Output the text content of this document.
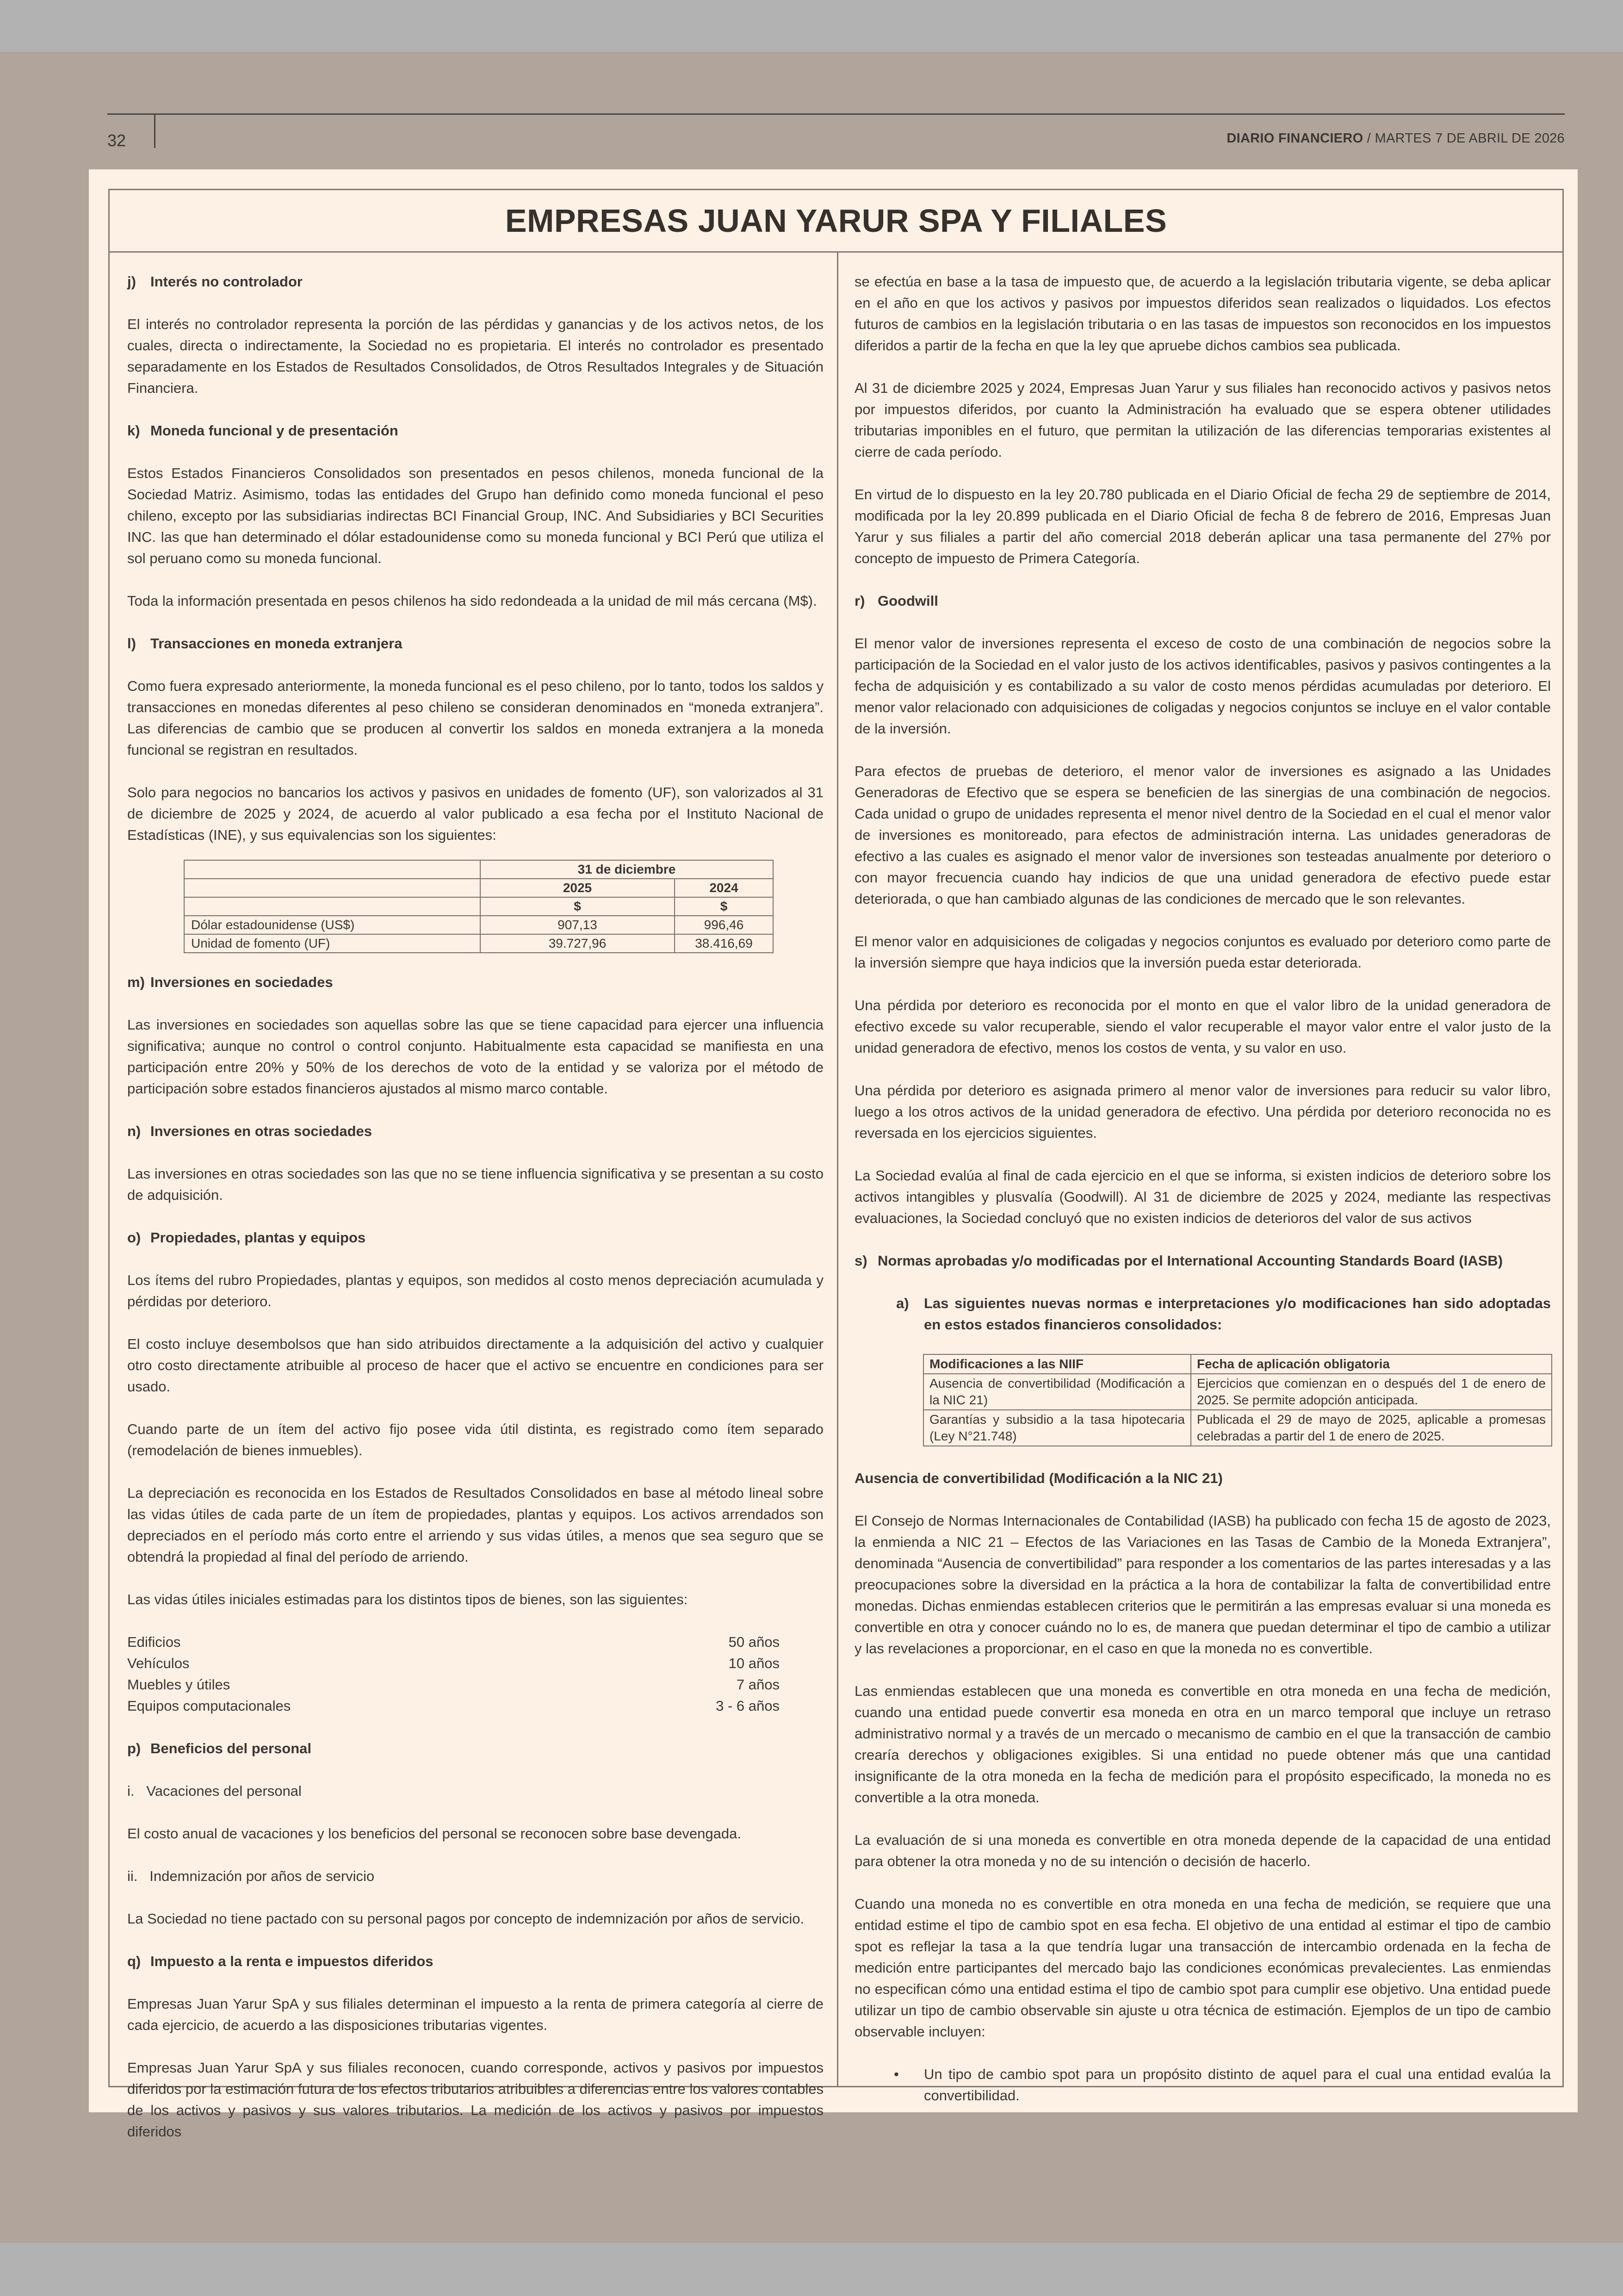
32	DIARIO FINANCIERO / MARTES 7 DE ABRIL DE 2026
EMPRESAS JUAN YARUR SPA Y FILIALES
j) Interés no controlador

El interés no controlador representa la porción de las pérdidas y ganancias y de los activos netos, de los cuales, directa o indirectamente, la Sociedad no es propietaria. El interés no controlador es presentado separadamente en los Estados de Resultados Consolidados, de Otros Resultados Integrales y de Situación Financiera.

k) Moneda funcional y de presentación

Estos Estados Financieros Consolidados son presentados en pesos chilenos, moneda funcional de la Sociedad Matriz. Asimismo, todas las entidades del Grupo han definido como moneda funcional el peso chileno, excepto por las subsidiarias indirectas BCI Financial Group, INC. And Subsidiaries y BCI Securities INC. las que han determinado el dólar estadounidense como su moneda funcional y BCI Perú que utiliza el sol peruano como su moneda funcional.

Toda la información presentada en pesos chilenos ha sido redondeada a la unidad de mil más cercana (M$).

l) Transacciones en moneda extranjera

Como fuera expresado anteriormente, la moneda funcional es el peso chileno, por lo tanto, todos los saldos y transacciones en monedas diferentes al peso chileno se consideran denominados en “moneda extranjera”. Las diferencias de cambio que se producen al convertir los saldos en moneda extranjera a la moneda funcional se registran en resultados.

Solo para negocios no bancarios los activos y pasivos en unidades de fomento (UF), son valorizados al 31 de diciembre de 2025 y 2024, de acuerdo al valor publicado a esa fecha por el Instituto Nacional de Estadísticas (INE), y sus equivalencias son los siguientes:

	31 de diciembre	
	2025	2024
	$	$
Dólar estadounidense (US$)	907,13	996,46
Unidad de fomento (UF)	39.727,96	38.416,69
m) Inversiones en sociedades

Las inversiones en sociedades son aquellas sobre las que se tiene capacidad para ejercer una influencia significativa; aunque no control o control conjunto. Habitualmente esta capacidad se manifiesta en una participación entre 20% y 50% de los derechos de voto de la entidad y se valoriza por el método de participación sobre estados financieros ajustados al mismo marco contable.

n) Inversiones en otras sociedades

Las inversiones en otras sociedades son las que no se tiene influencia significativa y se presentan a su costo de adquisición.

o) Propiedades, plantas y equipos

Los ítems del rubro Propiedades, plantas y equipos, son medidos al costo menos depreciación acumulada y pérdidas por deterioro.

El costo incluye desembolsos que han sido atribuidos directamente a la adquisición del activo y cualquier otro costo directamente atribuible al proceso de hacer que el activo se encuentre en condiciones para ser usado.

Cuando parte de un ítem del activo fijo posee vida útil distinta, es registrado como ítem separado (remodelación de bienes inmuebles).

La depreciación es reconocida en los Estados de Resultados Consolidados en base al método lineal sobre las vidas útiles de cada parte de un ítem de propiedades, plantas y equipos. Los activos arrendados son depreciados en el período más corto entre el arriendo y sus vidas útiles, a menos que sea seguro que se obtendrá la propiedad al final del período de arriendo.

Las vidas útiles iniciales estimadas para los distintos tipos de bienes, son las siguientes:

Edificios	50 años
Vehículos	10 años
Muebles y útiles	7 años
Equipos computacionales	3 - 6 años
p) Beneficios del personal

i.   Vacaciones del personal

El costo anual de vacaciones y los beneficios del personal se reconocen sobre base devengada.

ii.   Indemnización por años de servicio

La Sociedad no tiene pactado con su personal pagos por concepto de indemnización por años de servicio.

q) Impuesto a la renta e impuestos diferidos

Empresas Juan Yarur SpA y sus filiales determinan el impuesto a la renta de primera categoría al cierre de cada ejercicio, de acuerdo a las disposiciones tributarias vigentes.

Empresas Juan Yarur SpA y sus filiales reconocen, cuando corresponde, activos y pasivos por impuestos diferidos por la estimación futura de los efectos tributarios atribuibles a diferencias entre los valores contables de los activos y pasivos y sus valores tributarios. La medición de los activos y pasivos por impuestos diferidos

se efectúa en base a la tasa de impuesto que, de acuerdo a la legislación tributaria vigente, se deba aplicar en el año en que los activos y pasivos por impuestos diferidos sean realizados o liquidados. Los efectos futuros de cambios en la legislación tributaria o en las tasas de impuestos son reconocidos en los impuestos diferidos a partir de la fecha en que la ley que apruebe dichos cambios sea publicada.

Al 31 de diciembre 2025 y 2024, Empresas Juan Yarur y sus filiales han reconocido activos y pasivos netos por impuestos diferidos, por cuanto la Administración ha evaluado que se espera obtener utilidades tributarias imponibles en el futuro, que permitan la utilización de las diferencias temporarias existentes al cierre de cada período.

En virtud de lo dispuesto en la ley 20.780 publicada en el Diario Oficial de fecha 29 de septiembre de 2014, modificada por la ley 20.899 publicada en el Diario Oficial de fecha 8 de febrero de 2016, Empresas Juan Yarur y sus filiales a partir del año comercial 2018 deberán aplicar una tasa permanente del 27% por concepto de impuesto de Primera Categoría.

r) Goodwill

El menor valor de inversiones representa el exceso de costo de una combinación de negocios sobre la participación de la Sociedad en el valor justo de los activos identificables, pasivos y pasivos contingentes a la fecha de adquisición y es contabilizado a su valor de costo menos pérdidas acumuladas por deterioro. El menor valor relacionado con adquisiciones de coligadas y negocios conjuntos se incluye en el valor contable de la inversión.

Para efectos de pruebas de deterioro, el menor valor de inversiones es asignado a las Unidades Generadoras de Efectivo que se espera se beneficien de las sinergias de una combinación de negocios. Cada unidad o grupo de unidades representa el menor nivel dentro de la Sociedad en el cual el menor valor de inversiones es monitoreado, para efectos de administración interna. Las unidades generadoras de efectivo a las cuales es asignado el menor valor de inversiones son testeadas anualmente por deterioro o con mayor frecuencia cuando hay indicios de que una unidad generadora de efectivo puede estar deteriorada, o que han cambiado algunas de las condiciones de mercado que le son relevantes.

El menor valor en adquisiciones de coligadas y negocios conjuntos es evaluado por deterioro como parte de la inversión siempre que haya indicios que la inversión pueda estar deteriorada.

Una pérdida por deterioro es reconocida por el monto en que el valor libro de la unidad generadora de efectivo excede su valor recuperable, siendo el valor recuperable el mayor valor entre el valor justo de la unidad generadora de efectivo, menos los costos de venta, y su valor en uso.

Una pérdida por deterioro es asignada primero al menor valor de inversiones para reducir su valor libro, luego a los otros activos de la unidad generadora de efectivo. Una pérdida por deterioro reconocida no es reversada en los ejercicios siguientes.

La Sociedad evalúa al final de cada ejercicio en el que se informa, si existen indicios de deterioro sobre los activos intangibles y plusvalía (Goodwill). Al 31 de diciembre de 2025 y 2024, mediante las respectivas evaluaciones, la Sociedad concluyó que no existen indicios de deterioros del valor de sus activos

s) Normas aprobadas y/o modificadas por el International Accounting Standards Board (IASB)
a)	Las siguientes nuevas normas e interpretaciones y/o modificaciones han sido adoptadas en estos estados financieros consolidados:
Modificaciones a las NIIF	Fecha de aplicación obligatoria
Ausencia de convertibilidad (Modificación a la NIC 21)	Ejercicios que comienzan en o después del 1 de enero de 2025. Se permite adopción anticipada.
Garantías y subsidio a la tasa hipotecaria (Ley N°21.748)	Publicada el 29 de mayo de 2025, aplicable a promesas celebradas a partir del 1 de enero de 2025.
Ausencia de convertibilidad (Modificación a la NIC 21)

El Consejo de Normas Internacionales de Contabilidad (IASB) ha publicado con fecha 15 de agosto de 2023, la enmienda a NIC 21 – Efectos de las Variaciones en las Tasas de Cambio de la Moneda Extranjera”, denominada “Ausencia de convertibilidad” para responder a los comentarios de las partes interesadas y a las preocupaciones sobre la diversidad en la práctica a la hora de contabilizar la falta de convertibilidad entre monedas. Dichas enmiendas establecen criterios que le permitirán a las empresas evaluar si una moneda es convertible en otra y conocer cuándo no lo es, de manera que puedan determinar el tipo de cambio a utilizar y las revelaciones a proporcionar, en el caso en que la moneda no es convertible.

Las enmiendas establecen que una moneda es convertible en otra moneda en una fecha de medición, cuando una entidad puede convertir esa moneda en otra en un marco temporal que incluye un retraso administrativo normal y a través de un mercado o mecanismo de cambio en el que la transacción de cambio crearía derechos y obligaciones exigibles. Si una entidad no puede obtener más que una cantidad insignificante de la otra moneda en la fecha de medición para el propósito especificado, la moneda no es convertible a la otra moneda.

La evaluación de si una moneda es convertible en otra moneda depende de la capacidad de una entidad para obtener la otra moneda y no de su intención o decisión de hacerlo.

Cuando una moneda no es convertible en otra moneda en una fecha de medición, se requiere que una entidad estime el tipo de cambio spot en esa fecha. El objetivo de una entidad al estimar el tipo de cambio spot es reflejar la tasa a la que tendría lugar una transacción de intercambio ordenada en la fecha de medición entre participantes del mercado bajo las condiciones económicas prevalecientes. Las enmiendas no especifican cómo una entidad estima el tipo de cambio spot para cumplir ese objetivo. Una entidad puede utilizar un tipo de cambio observable sin ajuste u otra técnica de estimación. Ejemplos de un tipo de cambio observable incluyen:

•	Un tipo de cambio spot para un propósito distinto de aquel para el cual una entidad evalúa la convertibilidad.
